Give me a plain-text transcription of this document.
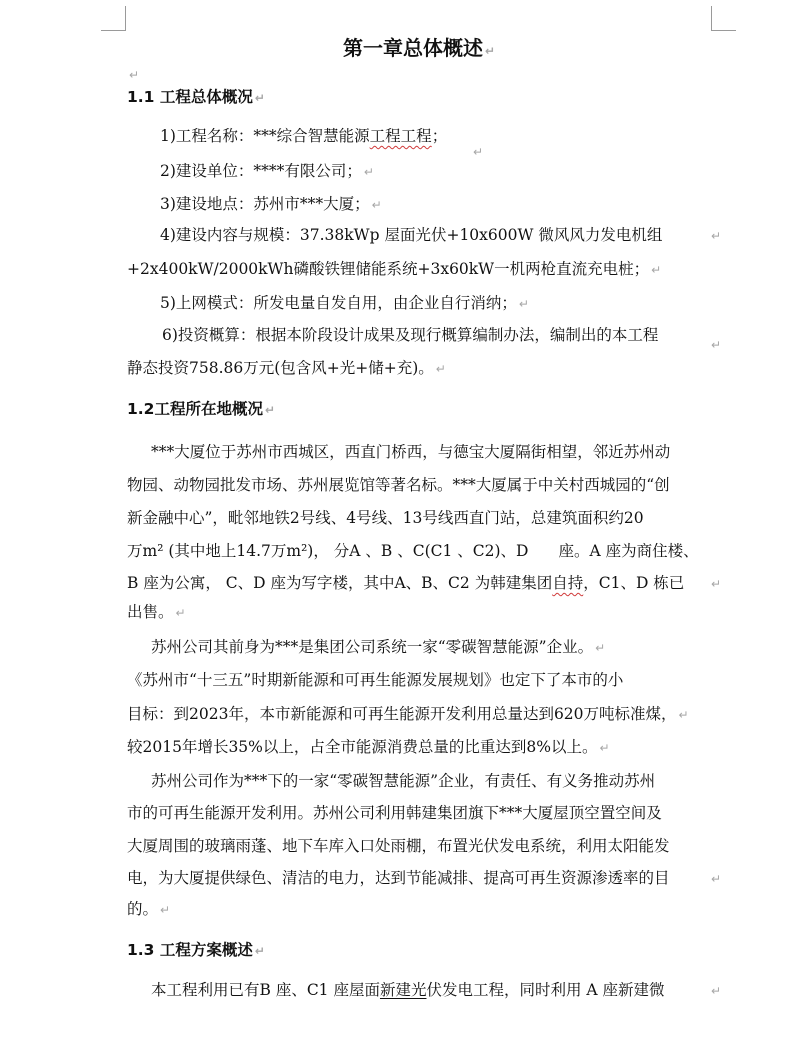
第一章总体概述 ↵
↵
1.1 工程总体概况 ↵
1)工程名称：***综合智慧能源工程工程；
↵
2)建设单位：****有限公司； ↵
3)建设地点：苏州市***大厦； ↵
4)建设内容与规模：37.38kWp 屋面光伏+10x600W 微风风力发电机组	↵
+2x400kW/2000kWh磷酸铁锂储能系统+3x60kW一机两枪直流充电桩； ↵
5)上网模式：所发电量自发自用，由企业自行消纳； ↵
6)投资概算：根据本阶段设计成果及现行概算编制办法，编制出的本工程
↵
静态投资758.86万元(包含风+光+储+充)。 ↵
1.2工程所在地概况 ↵
***大厦位于苏州市西城区，西直门桥西，与德宝大厦隔街相望，邻近苏州动
物园、动物园批发市场、苏州展览馆等著名标。***大厦属于中关村西城园的“创
新金融中心”，毗邻地铁2号线、4号线、13号线西直门站，总建筑面积约20
万m² (其中地上14.7万m²)， 分A 、B 、C(C1 、C2)、D 座。A 座为商住楼、
B 座为公寓， C、D 座为写字楼，其中A、B、C2 为韩建集团自持，C1、D 栋已 ↵
出售。 ↵
苏州公司其前身为***是集团公司系统一家“零碳智慧能源”企业。 ↵
《苏州市“十三五”时期新能源和可再生能源发展规划》也定下了本市的小
目标：到2023年，本市新能源和可再生能源开发利用总量达到620万吨标准煤， ↵
较2015年增长35%以上，占全市能源消费总量的比重达到8%以上。 ↵
苏州公司作为***下的一家“零碳智慧能源”企业，有责任、有义务推动苏州
市的可再生能源开发利用。苏州公司利用韩建集团旗下***大厦屋顶空置空间及
大厦周围的玻璃雨蓬、地下车库入口处雨棚，布置光伏发电系统，利用太阳能发
电，为大厦提供绿色、清洁的电力，达到节能减排、提高可再生资源渗透率的目	↵
的。 ↵
1.3 工程方案概述 ↵
本工程利用已有B 座、C1 座屋面新建光伏发电工程，同时利用 A 座新建微	↵
